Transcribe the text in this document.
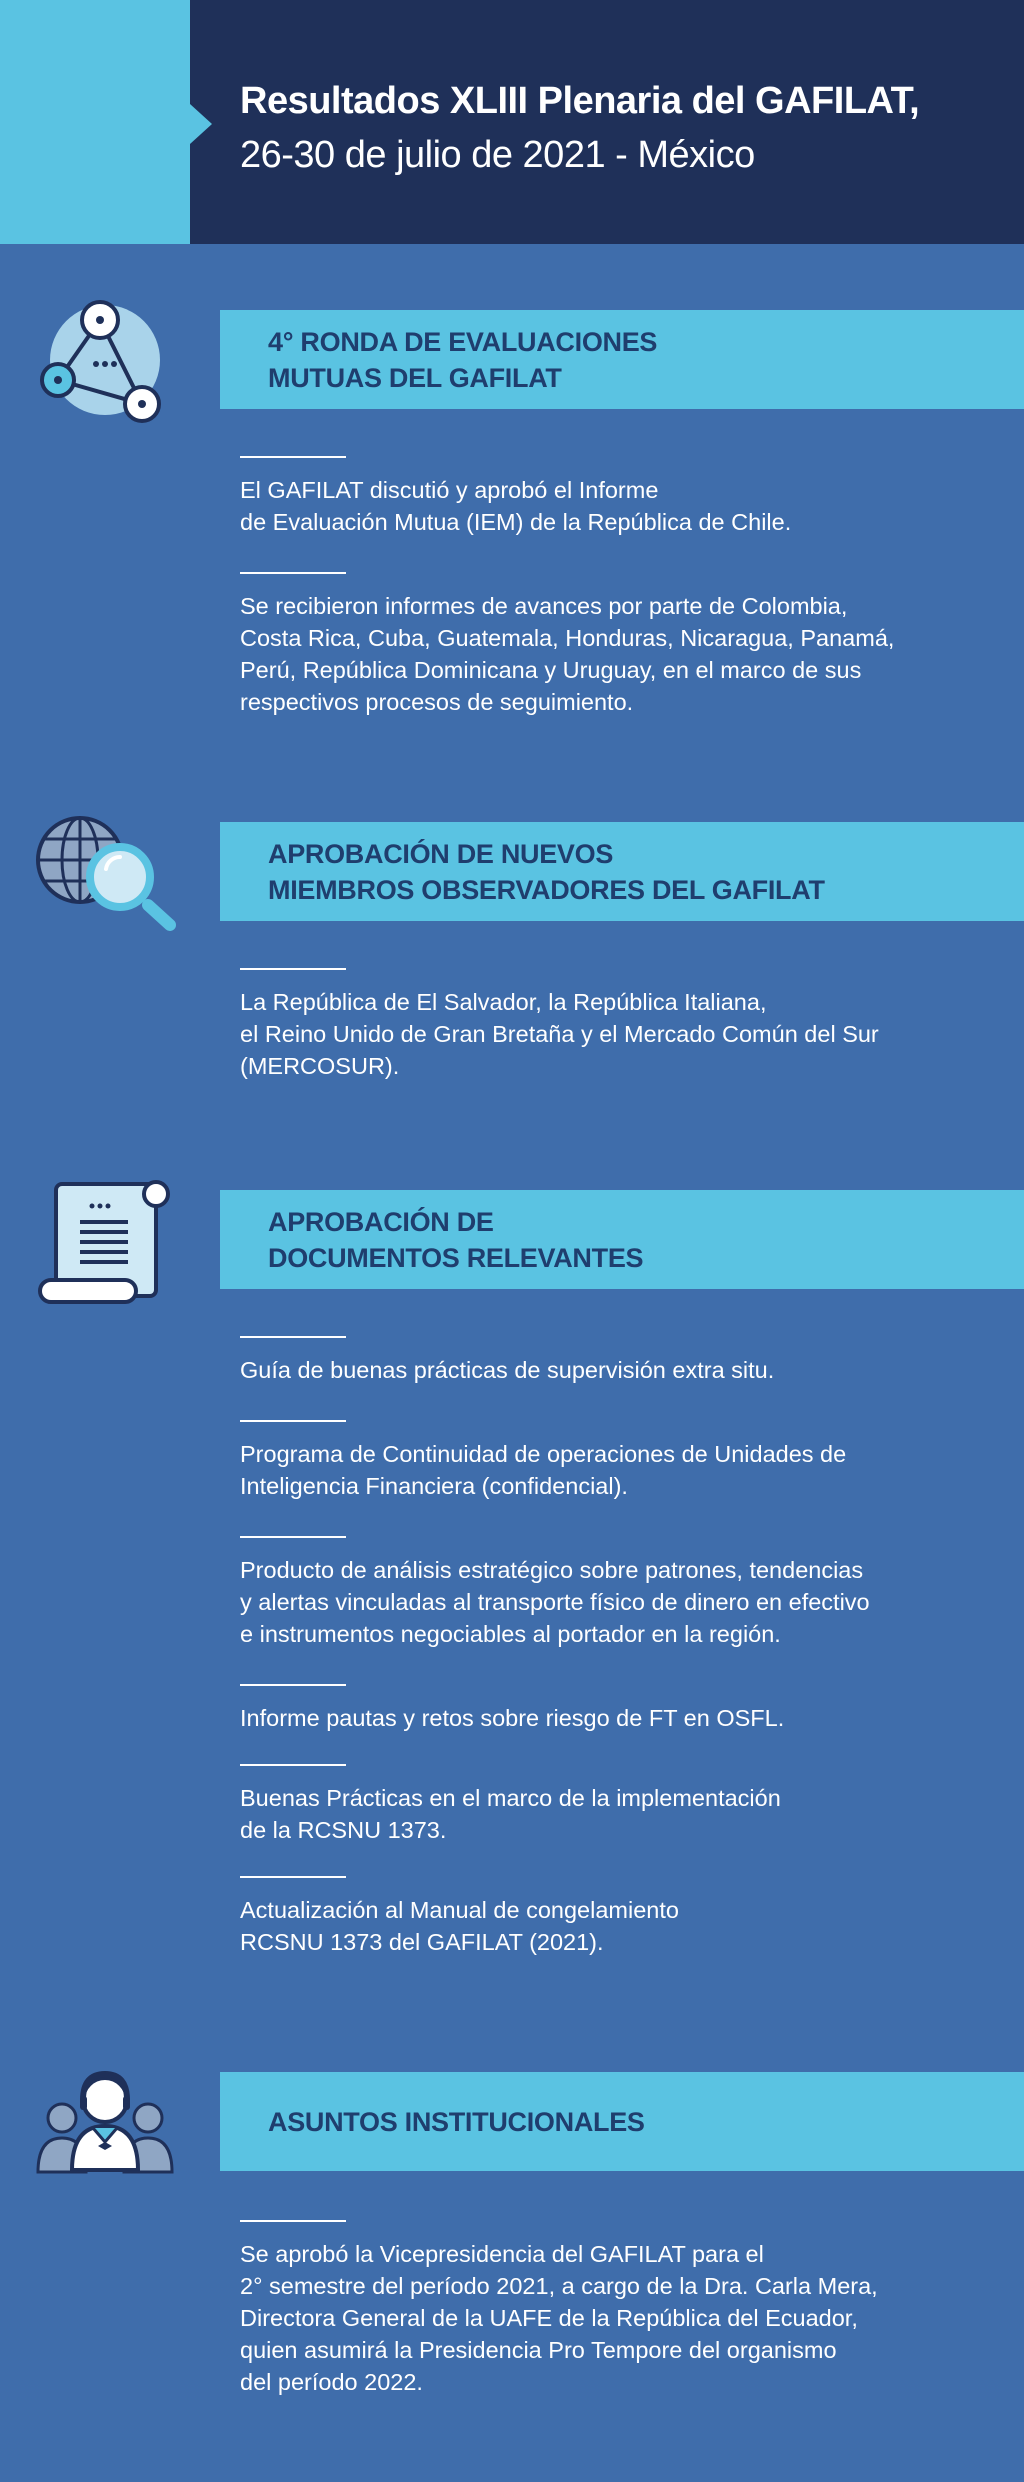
Resultados XLIII Plenaria del GAFILAT,
26-30 de julio de 2021 - México
4° RONDA DE EVALUACIONES
MUTUAS DEL GAFILAT
El GAFILAT discutió y aprobó el Informe
de Evaluación Mutua (IEM) de la República de Chile.
Se recibieron informes de avances por parte de Colombia,
Costa Rica, Cuba, Guatemala, Honduras, Nicaragua, Panamá,
Perú, República Dominicana y Uruguay, en el marco de sus
respectivos procesos de seguimiento.
APROBACIÓN DE NUEVOS
MIEMBROS OBSERVADORES DEL GAFILAT
La República de El Salvador, la República Italiana,
el Reino Unido de Gran Bretaña y el Mercado Común del Sur
(MERCOSUR).
APROBACIÓN DE
DOCUMENTOS RELEVANTES
Guía de buenas prácticas de supervisión extra situ.
Programa de Continuidad de operaciones de Unidades de
Inteligencia Financiera (confidencial).
Producto de análisis estratégico sobre patrones, tendencias
y alertas vinculadas al transporte físico de dinero en efectivo
e instrumentos negociables al portador en la región.
Informe pautas y retos sobre riesgo de FT en OSFL.
Buenas Prácticas en el marco de la implementación
de la RCSNU 1373.
Actualización al Manual de congelamiento
RCSNU 1373 del GAFILAT (2021).
ASUNTOS INSTITUCIONALES
Se aprobó la Vicepresidencia del GAFILAT para el
2° semestre del período 2021, a cargo de la Dra. Carla Mera,
Directora General de la UAFE de la República del Ecuador,
quien asumirá la Presidencia Pro Tempore del organismo
del período 2022.
